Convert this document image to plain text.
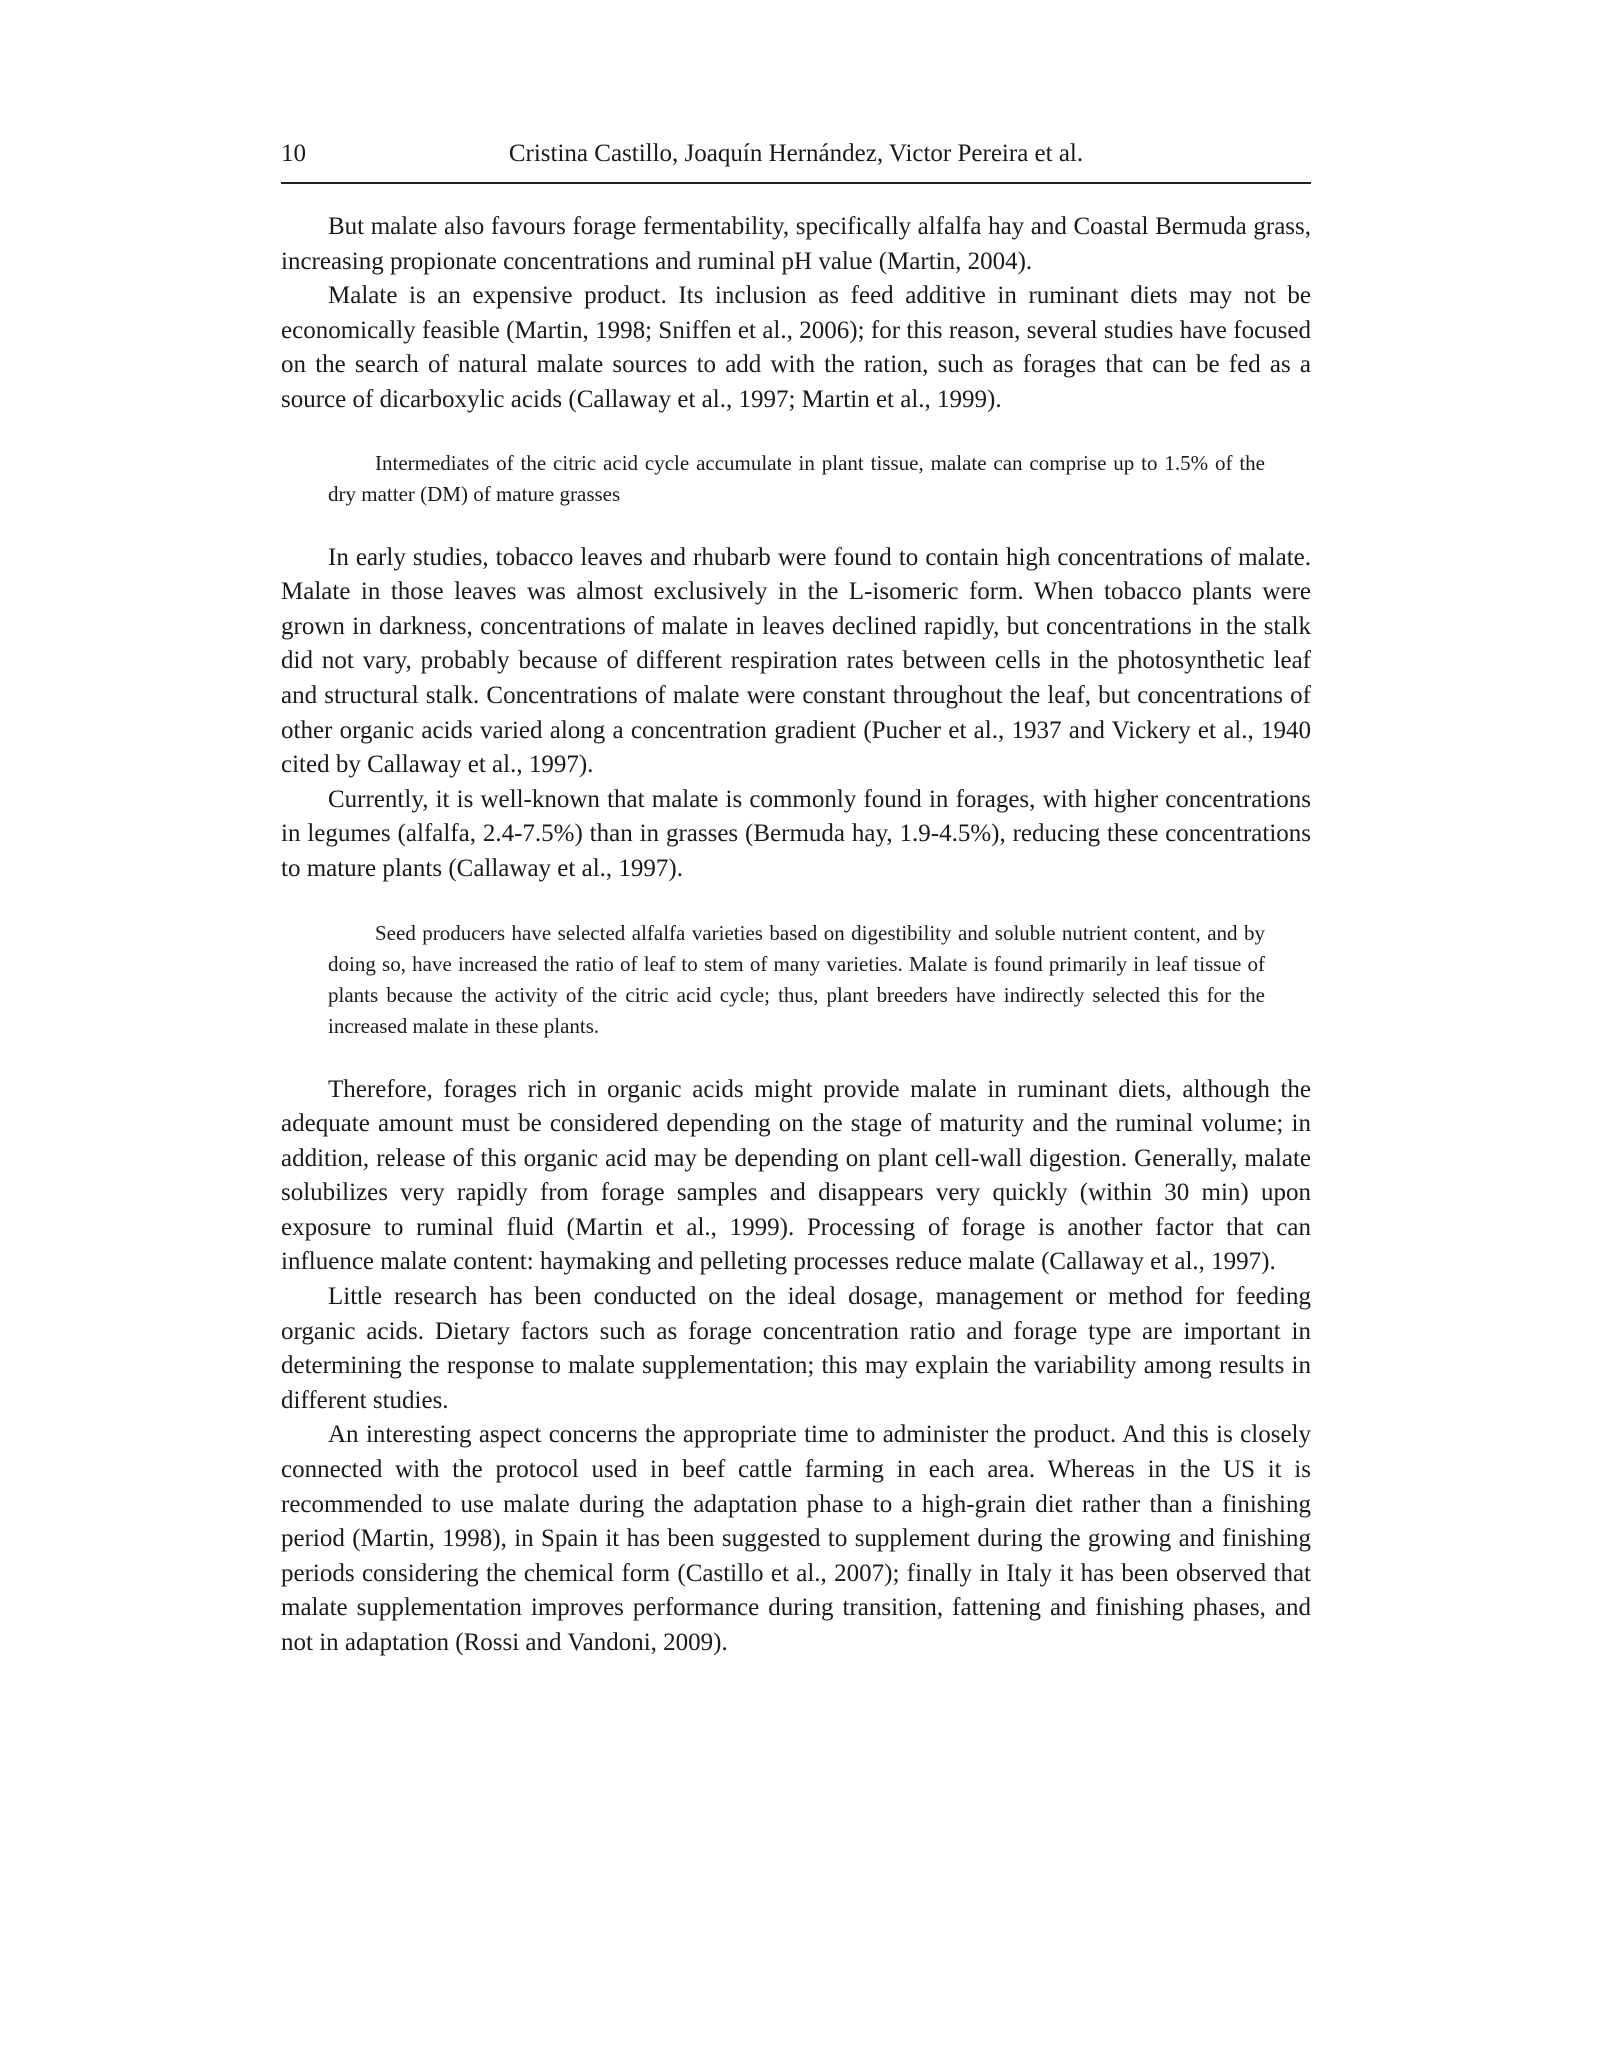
10	Cristina Castillo, Joaquín Hernández, Victor Pereira et al.

But malate also favours forage fermentability, specifically alfalfa hay and Coastal Bermuda grass, increasing propionate concentrations and ruminal pH value (Martin, 2004).

Malate is an expensive product. Its inclusion as feed additive in ruminant diets may not be economically feasible (Martin, 1998; Sniffen et al., 2006); for this reason, several studies have focused on the search of natural malate sources to add with the ration, such as forages that can be fed as a source of dicarboxylic acids (Callaway et al., 1997; Martin et al., 1999).

Intermediates of the citric acid cycle accumulate in plant tissue, malate can comprise up to 1.5% of the dry matter (DM) of mature grasses

In early studies, tobacco leaves and rhubarb were found to contain high concentrations of malate. Malate in those leaves was almost exclusively in the L-isomeric form. When tobacco plants were grown in darkness, concentrations of malate in leaves declined rapidly, but concentrations in the stalk did not vary, probably because of different respiration rates between cells in the photosynthetic leaf and structural stalk. Concentrations of malate were constant throughout the leaf, but concentrations of other organic acids varied along a concentration gradient (Pucher et al., 1937 and Vickery et al., 1940 cited by Callaway et al., 1997).

Currently, it is well-known that malate is commonly found in forages, with higher concentrations in legumes (alfalfa, 2.4-7.5%) than in grasses (Bermuda hay, 1.9-4.5%), reducing these concentrations to mature plants (Callaway et al., 1997).

Seed producers have selected alfalfa varieties based on digestibility and soluble nutrient content, and by doing so, have increased the ratio of leaf to stem of many varieties. Malate is found primarily in leaf tissue of plants because the activity of the citric acid cycle; thus, plant breeders have indirectly selected this for the increased malate in these plants.

Therefore, forages rich in organic acids might provide malate in ruminant diets, although the adequate amount must be considered depending on the stage of maturity and the ruminal volume; in addition, release of this organic acid may be depending on plant cell-wall digestion. Generally, malate solubilizes very rapidly from forage samples and disappears very quickly (within 30 min) upon exposure to ruminal fluid (Martin et al., 1999). Processing of forage is another factor that can influence malate content: haymaking and pelleting processes reduce malate (Callaway et al., 1997).

Little research has been conducted on the ideal dosage, management or method for feeding organic acids. Dietary factors such as forage concentration ratio and forage type are important in determining the response to malate supplementation; this may explain the variability among results in different studies.

An interesting aspect concerns the appropriate time to administer the product. And this is closely connected with the protocol used in beef cattle farming in each area. Whereas in the US it is recommended to use malate during the adaptation phase to a high-grain diet rather than a finishing period (Martin, 1998), in Spain it has been suggested to supplement during the growing and finishing periods considering the chemical form (Castillo et al., 2007); finally in Italy it has been observed that malate supplementation improves performance during transition, fattening and finishing phases, and not in adaptation (Rossi and Vandoni, 2009).
